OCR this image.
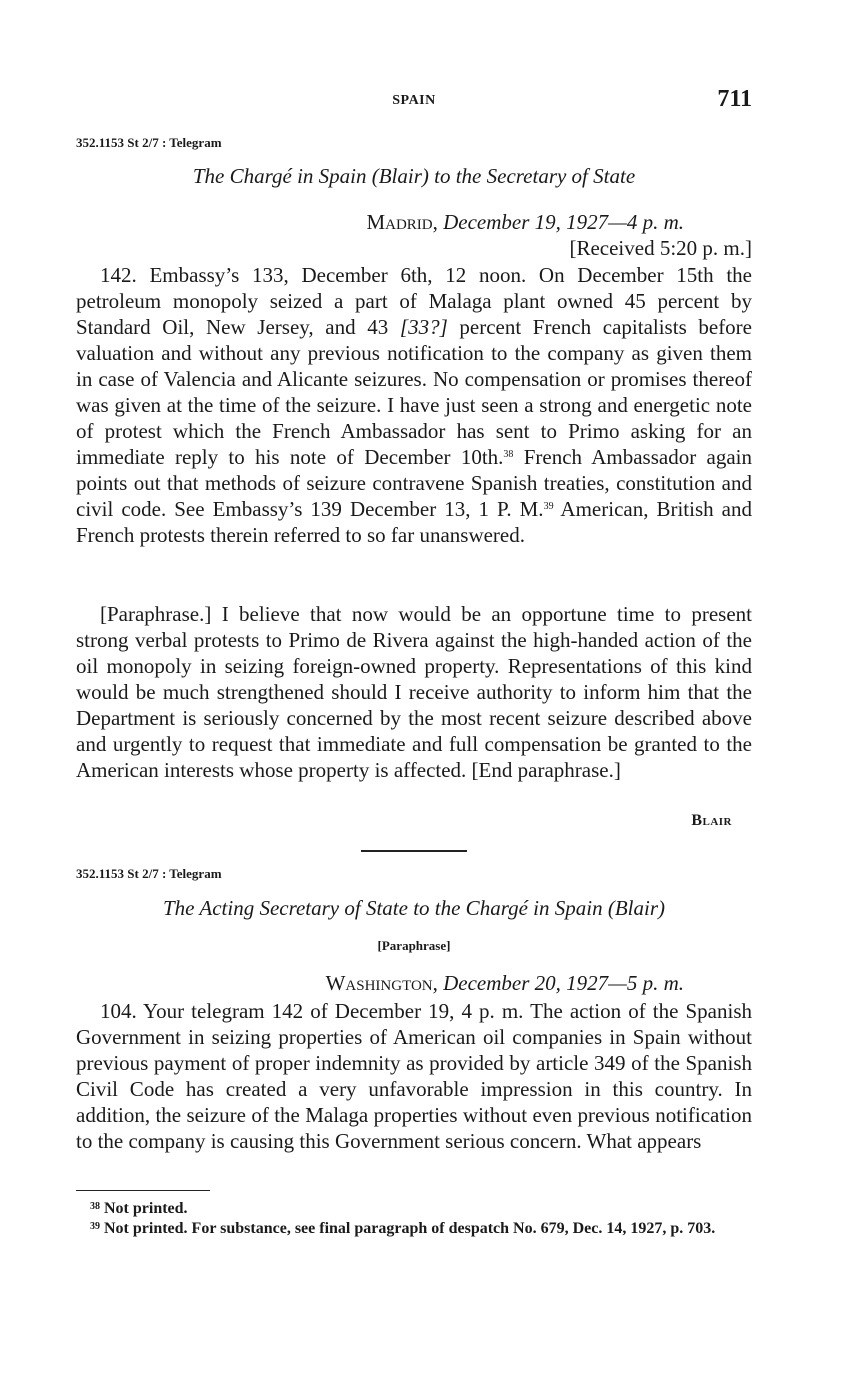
SPAIN	711
352.1153 St 2/7 : Telegram
The Chargé in Spain (Blair) to the Secretary of State
Madrid, December 19, 1927—4 p. m.
[Received 5:20 p. m.]
142. Embassy’s 133, December 6th, 12 noon. On December 15th the petroleum monopoly seized a part of Malaga plant owned 45 percent by Standard Oil, New Jersey, and 43 [33?] percent French capitalists before valuation and without any previous notification to the company as given them in case of Valencia and Alicante seizures. No compensation or promises thereof was given at the time of the seizure. I have just seen a strong and energetic note of protest which the French Ambassador has sent to Primo asking for an immediate reply to his note of December 10th.$^{38}$ French Ambassador again points out that methods of seizure contravene Spanish treaties, constitution and civil code. See Embassy’s 139 December 13, 1 P. M.$^{39}$ American, British and French protests therein referred to so far unanswered.
[Paraphrase.] I believe that now would be an opportune time to present strong verbal protests to Primo de Rivera against the high-handed action of the oil monopoly in seizing foreign-owned property. Representations of this kind would be much strengthened should I receive authority to inform him that the Department is seriously concerned by the most recent seizure described above and urgently to request that immediate and full compensation be granted to the American interests whose property is affected. [End paraphrase.]
Blair
352.1153 St 2/7 : Telegram
The Acting Secretary of State to the Chargé in Spain (Blair)
[Paraphrase]
Washington, December 20, 1927—5 p. m.
104. Your telegram 142 of December 19, 4 p. m. The action of the Spanish Government in seizing properties of American oil companies in Spain without previous payment of proper indemnity as provided by article 349 of the Spanish Civil Code has created a very unfavorable impression in this country. In addition, the seizure of the Malaga properties without even previous notification to the company is causing this Government serious concern. What appears
$^{38}$ Not printed.
$^{39}$ Not printed. For substance, see final paragraph of despatch No. 679, Dec. 14, 1927, p. 703.
